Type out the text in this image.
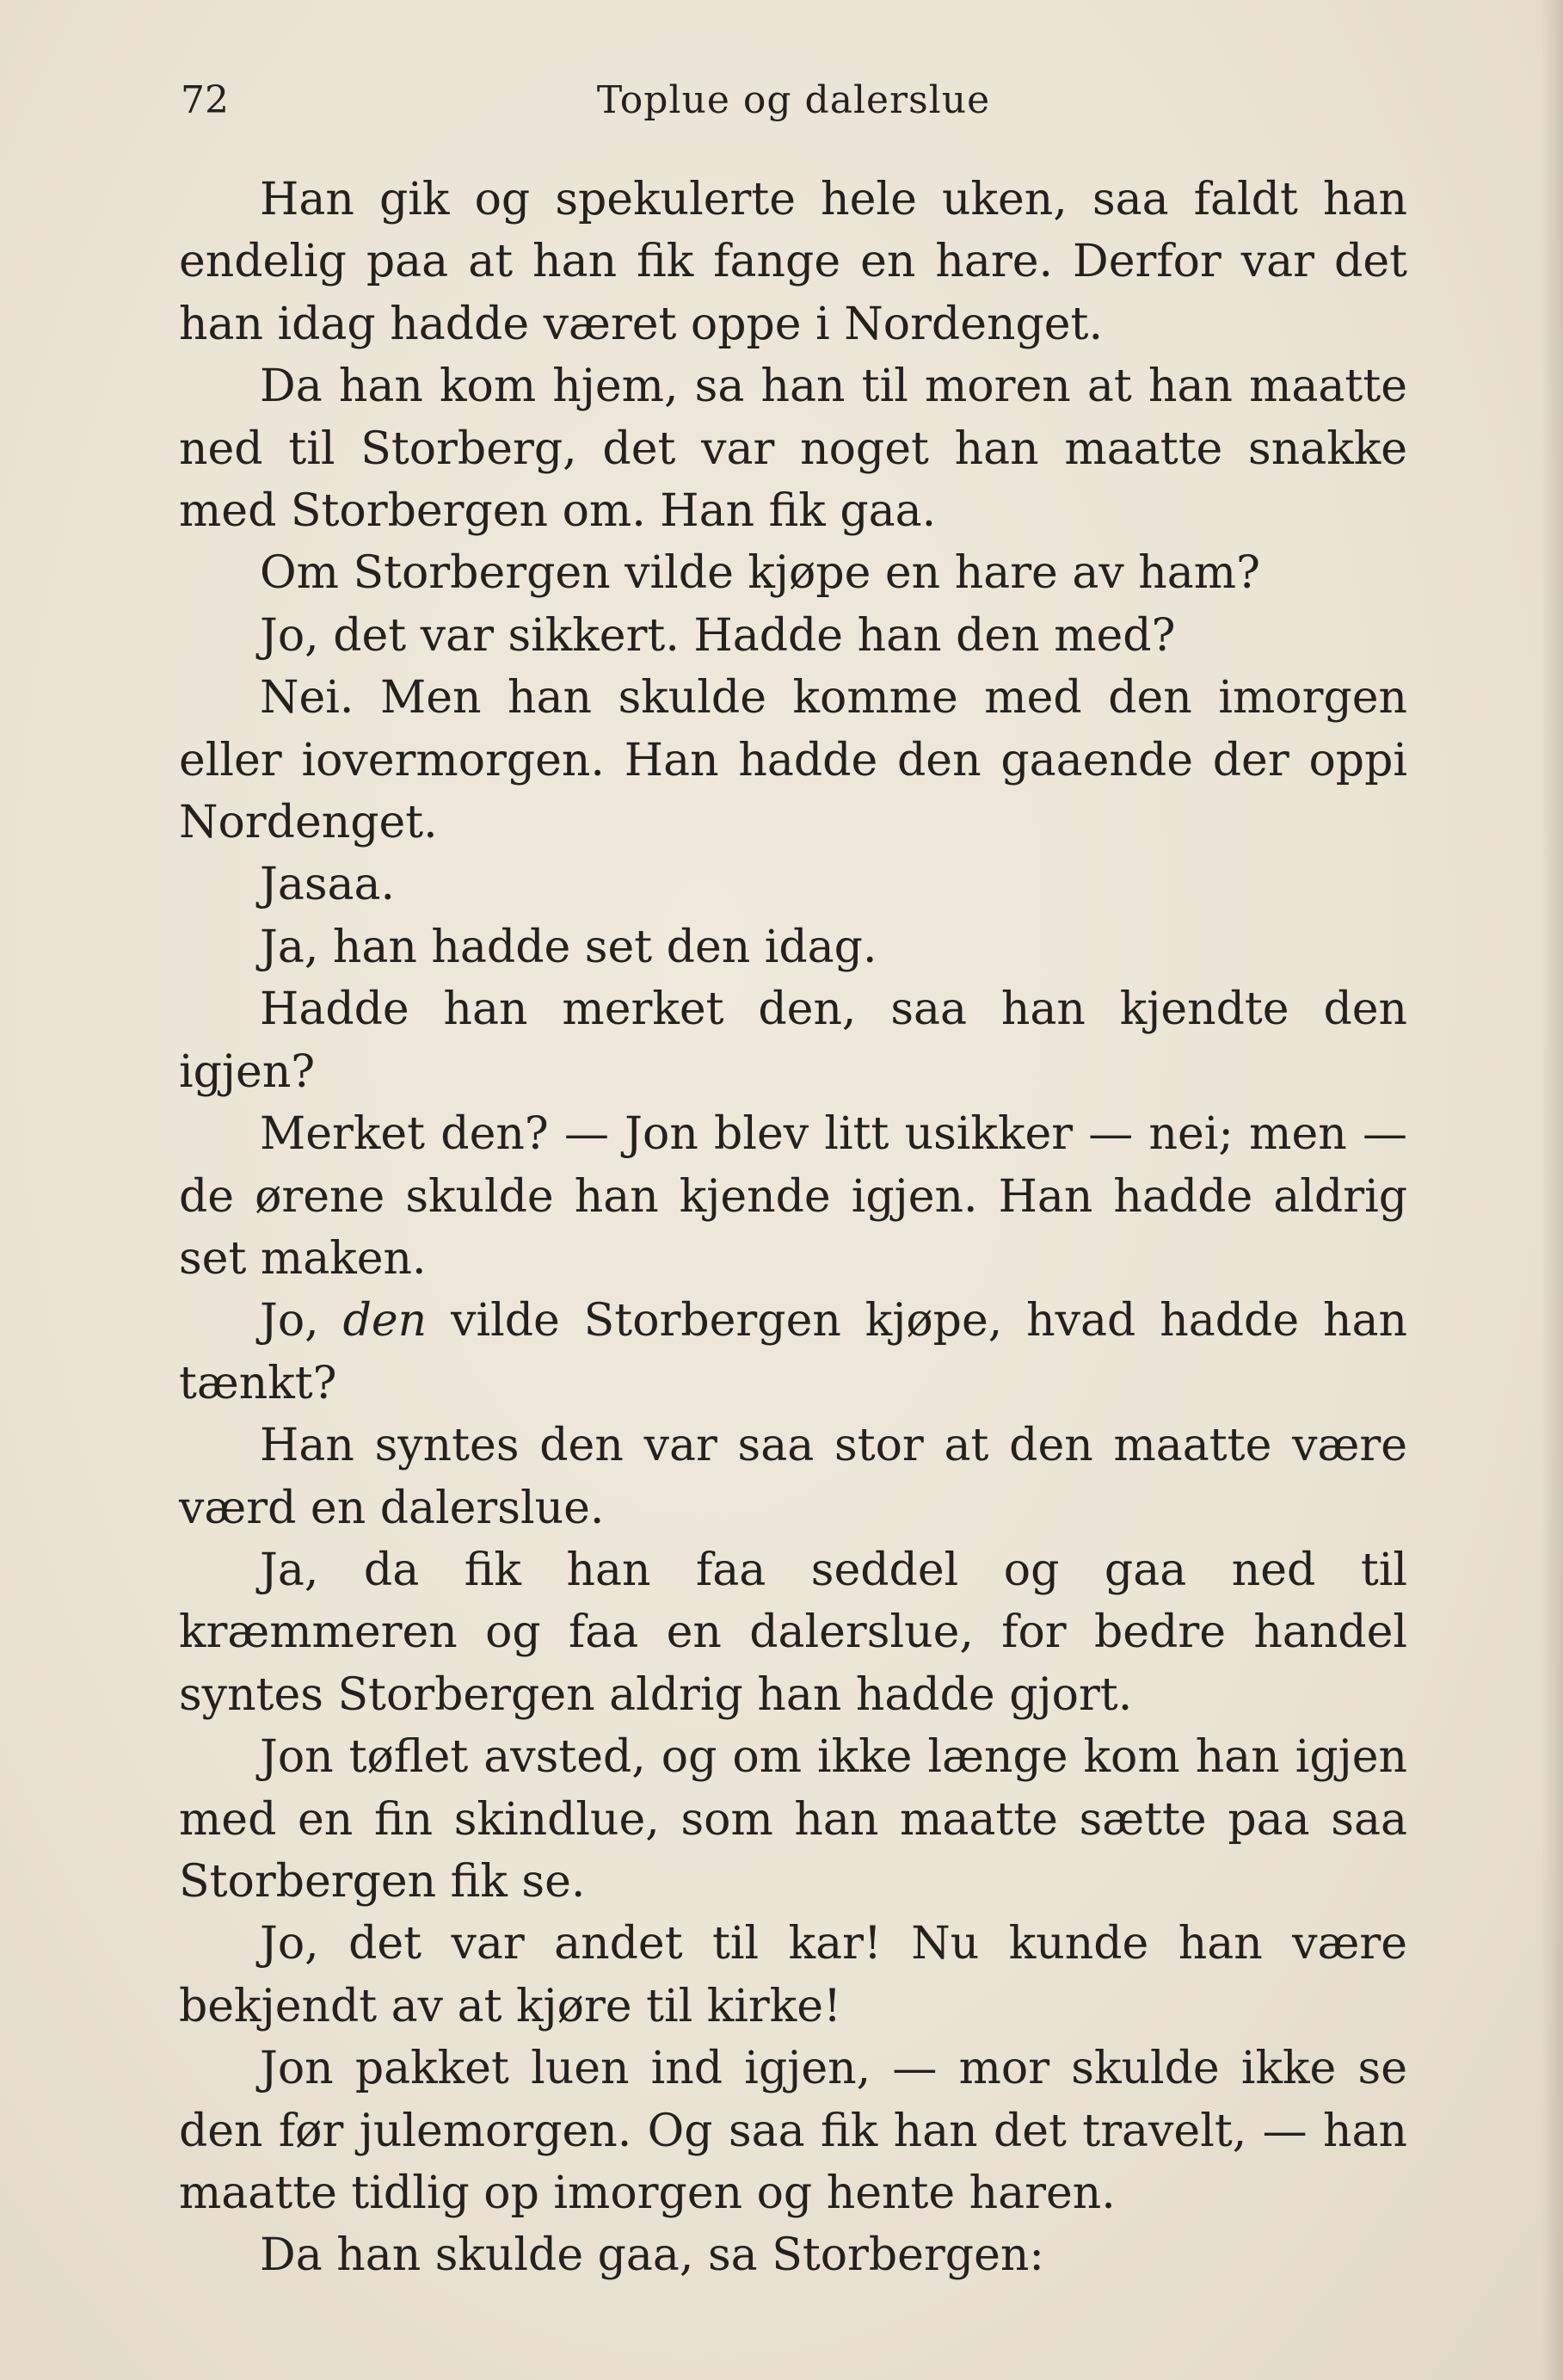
72	Toplue og dalerslue

Han gik og spekulerte hele uken, saa faldt han endelig paa at han fik fange en hare. Derfor var det han idag hadde været oppe i Nordenget.

Da han kom hjem, sa han til moren at han maatte ned til Storberg, det var noget han maatte snakke med Storbergen om. Han fik gaa.

Om Storbergen vilde kjøpe en hare av ham?

Jo, det var sikkert. Hadde han den med?

Nei. Men han skulde komme med den imorgen eller iovermorgen. Han hadde den gaaende der oppi Nordenget.

Jasaa.

Ja, han hadde set den idag.

Hadde han merket den, saa han kjendte den igjen?

Merket den? — Jon blev litt usikker — nei; men — de ørene skulde han kjende igjen. Han hadde aldrig set maken.

Jo, den vilde Storbergen kjøpe, hvad hadde han tænkt?

Han syntes den var saa stor at den maatte være værd en dalerslue.

Ja, da fik han faa seddel og gaa ned til kræmmeren og faa en dalerslue, for bedre handel syntes Storbergen aldrig han hadde gjort.

Jon tøflet avsted, og om ikke længe kom han igjen med en fin skindlue, som han maatte sætte paa saa Storbergen fik se.

Jo, det var andet til kar! Nu kunde han være bekjendt av at kjøre til kirke!

Jon pakket luen ind igjen, — mor skulde ikke se den før julemorgen. Og saa fik han det travelt, — han maatte tidlig op imorgen og hente haren.

Da han skulde gaa, sa Storbergen:
